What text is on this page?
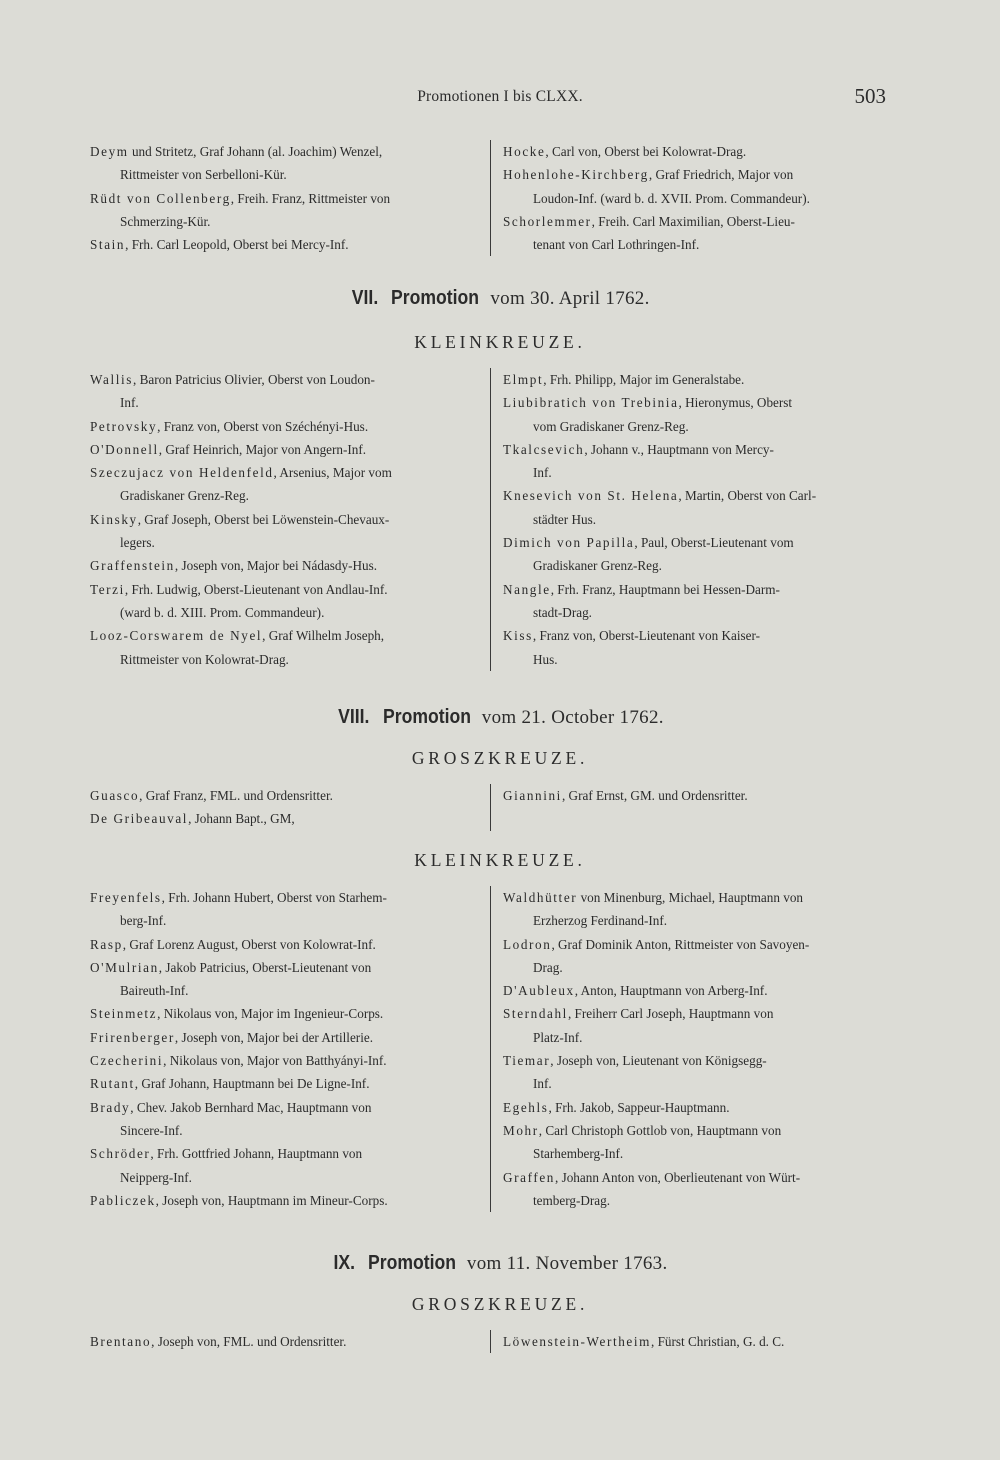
Promotionen I bis CLXX.	503
Deym und Stritetz, Graf Johann (al. Joachim) Wenzel,
Rittmeister von Serbelloni-Kür.
Rüdt von Collenberg, Freih. Franz, Rittmeister von
Schmerzing-Kür.
Stain, Frh. Carl Leopold, Oberst bei Mercy-Inf.
Hocke, Carl von, Oberst bei Kolowrat-Drag.
Hohenlohe-Kirchberg, Graf Friedrich, Major von
Loudon-Inf. (ward b. d. XVII. Prom. Commandeur).
Schorlemmer, Freih. Carl Maximilian, Oberst-Lieu-
tenant von Carl Lothringen-Inf.
VII. Promotion vom 30. April 1762.
KLEINKREUZE.
Wallis, Baron Patricius Olivier, Oberst von Loudon-
Inf.
Petrovsky, Franz von, Oberst von Széchényi-Hus.
O'Donnell, Graf Heinrich, Major von Angern-Inf.
Szeczujacz von Heldenfeld, Arsenius, Major vom
Gradiskaner Grenz-Reg.
Kinsky, Graf Joseph, Oberst bei Löwenstein-Chevaux-
legers.
Graffenstein, Joseph von, Major bei Nádasdy-Hus.
Terzi, Frh. Ludwig, Oberst-Lieutenant von Andlau-Inf.
(ward b. d. XIII. Prom. Commandeur).
Looz-Corswarem de Nyel, Graf Wilhelm Joseph,
Rittmeister von Kolowrat-Drag.
Elmpt, Frh. Philipp, Major im Generalstabe.
Liubibratich von Trebinia, Hieronymus, Oberst
vom Gradiskaner Grenz-Reg.
Tkalcsevich, Johann v., Hauptmann von Mercy-
Inf.
Knesevich von St. Helena, Martin, Oberst von Carl-
städter Hus.
Dimich von Papilla, Paul, Oberst-Lieutenant vom
Gradiskaner Grenz-Reg.
Nangle, Frh. Franz, Hauptmann bei Hessen-Darm-
stadt-Drag.
Kiss, Franz von, Oberst-Lieutenant von Kaiser-
Hus.
VIII. Promotion vom 21. October 1762.
GROSZKREUZE.
Guasco, Graf Franz, FML. und Ordensritter.
De Gribeauval, Johann Bapt., GM,
Giannini, Graf Ernst, GM. und Ordensritter.
KLEINKREUZE.
Freyenfels, Frh. Johann Hubert, Oberst von Starhem-
berg-Inf.
Rasp, Graf Lorenz August, Oberst von Kolowrat-Inf.
O'Mulrian, Jakob Patricius, Oberst-Lieutenant von
Baireuth-Inf.
Steinmetz, Nikolaus von, Major im Ingenieur-Corps.
Frirenberger, Joseph von, Major bei der Artillerie.
Czecherini, Nikolaus von, Major von Batthyányi-Inf.
Rutant, Graf Johann, Hauptmann bei De Ligne-Inf.
Brady, Chev. Jakob Bernhard Mac, Hauptmann von
Sincere-Inf.
Schröder, Frh. Gottfried Johann, Hauptmann von
Neipperg-Inf.
Pabliczek, Joseph von, Hauptmann im Mineur-Corps.
Waldhütter von Minenburg, Michael, Hauptmann von
Erzherzog Ferdinand-Inf.
Lodron, Graf Dominik Anton, Rittmeister von Savoyen-
Drag.
D'Aubleux, Anton, Hauptmann von Arberg-Inf.
Sterndahl, Freiherr Carl Joseph, Hauptmann von
Platz-Inf.
Tiemar, Joseph von, Lieutenant von Königsegg-
Inf.
Egehls, Frh. Jakob, Sappeur-Hauptmann.
Mohr, Carl Christoph Gottlob von, Hauptmann von
Starhemberg-Inf.
Graffen, Johann Anton von, Oberlieutenant von Würt-
temberg-Drag.
IX. Promotion vom 11. November 1763.
GROSZKREUZE.
Brentano, Joseph von, FML. und Ordensritter.	Löwenstein-Wertheim, Fürst Christian, G. d. C.
